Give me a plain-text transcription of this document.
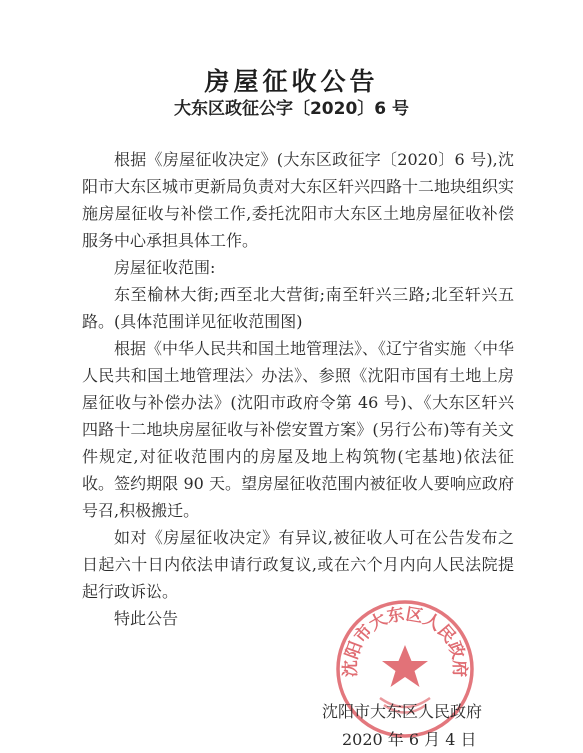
房屋征收公告
大东区政征公字〔2020〕6 号

根据《房屋征收决定》(大东区政征字〔2020〕6 号),沈阳市大东区城市更新局负责对大东区轩兴四路十二地块组织实施房屋征收与补偿工作,委托沈阳市大东区土地房屋征收补偿服务中心承担具体工作。

房屋征收范围:

东至榆林大街;西至北大营街;南至轩兴三路;北至轩兴五路。(具体范围详见征收范围图)

根据《中华人民共和国土地管理法》、《辽宁省实施〈中华人民共和国土地管理法〉办法》、参照《沈阳市国有土地上房屋征收与补偿办法》(沈阳市政府令第 46 号)、《大东区轩兴四路十二地块房屋征收与补偿安置方案》(另行公布)等有关文件规定,对征收范围内的房屋及地上构筑物(宅基地)依法征收。签约期限 90 天。望房屋征收范围内被征收人要响应政府号召,积极搬迁。

如对《房屋征收决定》有异议,被征收人可在公告发布之日起六十日内依法申请行政复议,或在六个月内向人民法院提起行政诉讼。

特此公告

沈阳市大东区人民政府
沈阳市大东区人民政府
2020 年 6 月 4 日
